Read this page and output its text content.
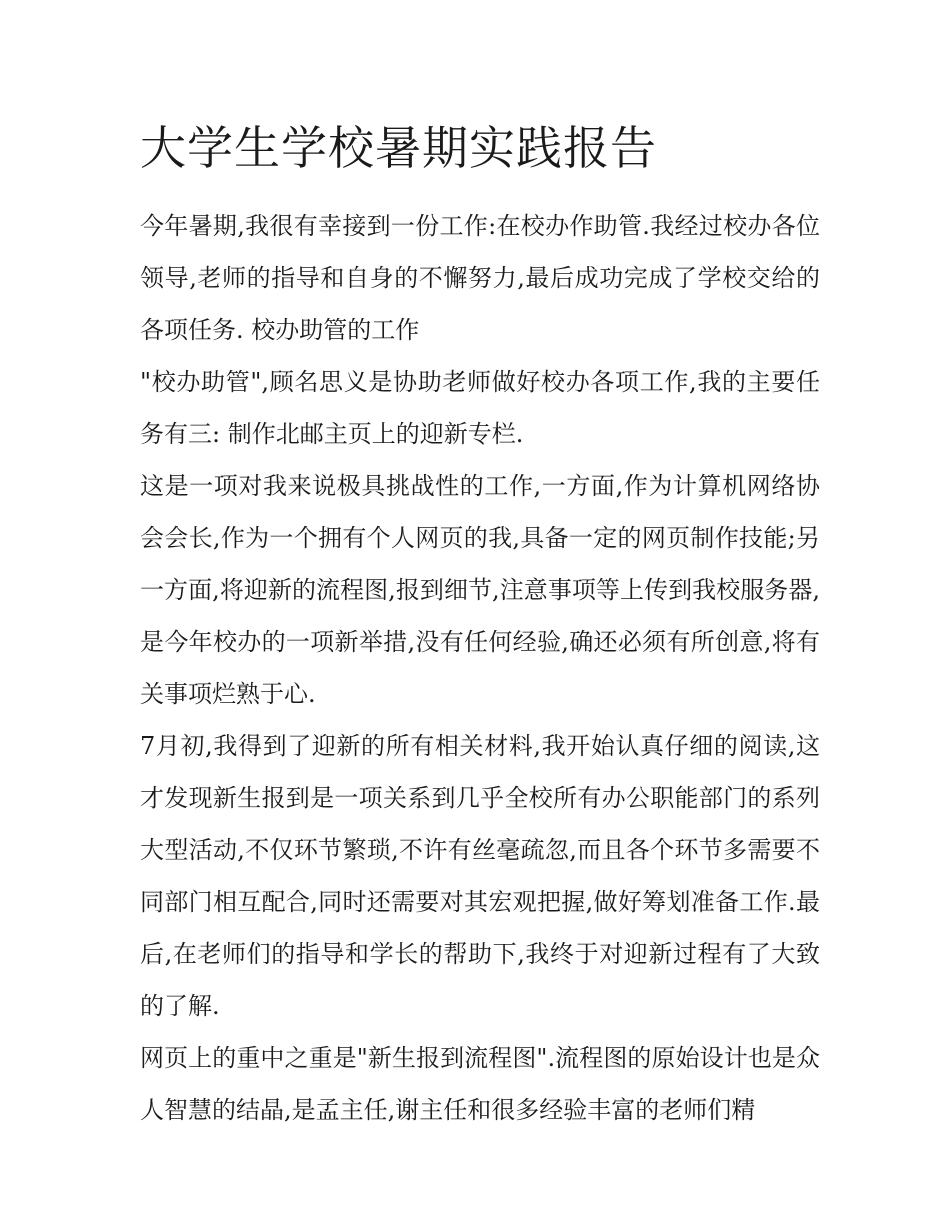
大学生学校暑期实践报告

今年暑期,我很有幸接到一份工作:在校办作助管.我经过校办各位领导,老师的指导和自身的不懈努力,最后成功完成了学校交给的各项任务. 校办助管的工作

"校办助管",顾名思义是协助老师做好校办各项工作,我的主要任务有三: 制作北邮主页上的迎新专栏.

这是一项对我来说极具挑战性的工作,一方面,作为计算机网络协会会长,作为一个拥有个人网页的我,具备一定的网页制作技能;另一方面,将迎新的流程图,报到细节,注意事项等上传到我校服务器,是今年校办的一项新举措,没有任何经验,确还必须有所创意,将有关事项烂熟于心.

7月初,我得到了迎新的所有相关材料,我开始认真仔细的阅读,这才发现新生报到是一项关系到几乎全校所有办公职能部门的系列大型活动,不仅环节繁琐,不许有丝毫疏忽,而且各个环节多需要不同部门相互配合,同时还需要对其宏观把握,做好筹划准备工作.最后,在老师们的指导和学长的帮助下,我终于对迎新过程有了大致的了解.

网页上的重中之重是"新生报到流程图".流程图的原始设计也是众人智慧的结晶,是孟主任,谢主任和很多经验丰富的老师们精
